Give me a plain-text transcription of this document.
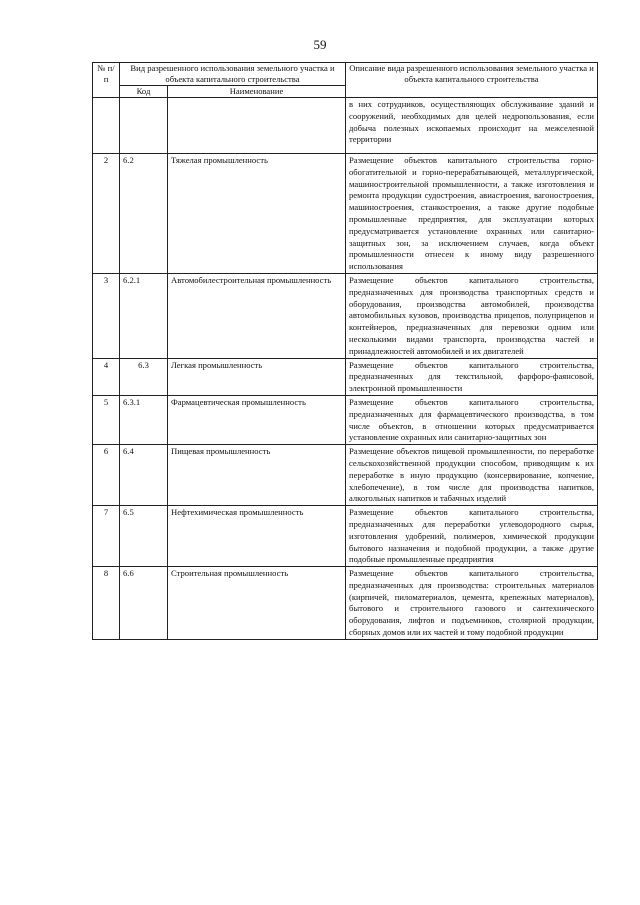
59
№ п/п	Вид разрешенного использования земельного участка и объекта капитального строительства		Описание вида разрешенного использования земельного участка и объекта капитального строительства
	Код	Наименование	
			в них сотрудников, осуществляющих обслуживание зданий и сооружений, необходимых для целей недропользования, если добыча полезных ископаемых происходит на межселенной территории
2	6.2	Тяжелая промышленность	Размещение объектов капитального строительства горно-обогатительной и горно-перерабатывающей, металлургической, машиностроительной промышленности, а также изготовления и ремонта продукции судостроения, авиастроения, вагоностроения, машиностроения, станкостроения, а также другие подобные промышленные предприятия, для эксплуатации которых предусматривается установление охранных или санитарно-защитных зон, за исключением случаев, когда объект промышленности отнесен к иному виду разрешенного использования
3	6.2.1	Автомобилестроительная промышленность	Размещение объектов капитального строительства, предназначенных для производства транспортных средств и оборудования, производства автомобилей, производства автомобильных кузовов, производства прицепов, полуприцепов и контейнеров, предназначенных для перевозки одним или несколькими видами транспорта, производства частей и принадлежностей автомобилей и их двигателей
4	6.3	Легкая промышленность	Размещение объектов капитального строительства, предназначенных для текстильной, фарфоро-фаянсовой, электронной промышленности
5	6.3.1	Фармацевтическая промышленность	Размещение объектов капитального строительства, предназначенных для фармацевтического производства, в том числе объектов, в отношении которых предусматривается установление охранных или санитарно-защитных зон
6	6.4	Пищевая промышленность	Размещение объектов пищевой промышленности, по переработке сельскохозяйственной продукции способом, приводящим к их переработке в иную продукцию (консервирование, копчение, хлебопечение), в том числе для производства напитков, алкогольных напитков и табачных изделий
7	6.5	Нефтехимическая промышленность	Размещение объектов капитального строительства, предназначенных для переработки углеводородного сырья, изготовления удобрений, полимеров, химической продукции бытового назначения и подобной продукции, а также другие подобные промышленные предприятия
8	6.6	Строительная промышленность	Размещение объектов капитального строительства, предназначенных для производства: строительных материалов (кирпичей, пиломатериалов, цемента, крепежных материалов), бытового и строительного газового и сантехнического оборудования, лифтов и подъемников, столярной продукции, сборных домов или их частей и тому подобной продукции
